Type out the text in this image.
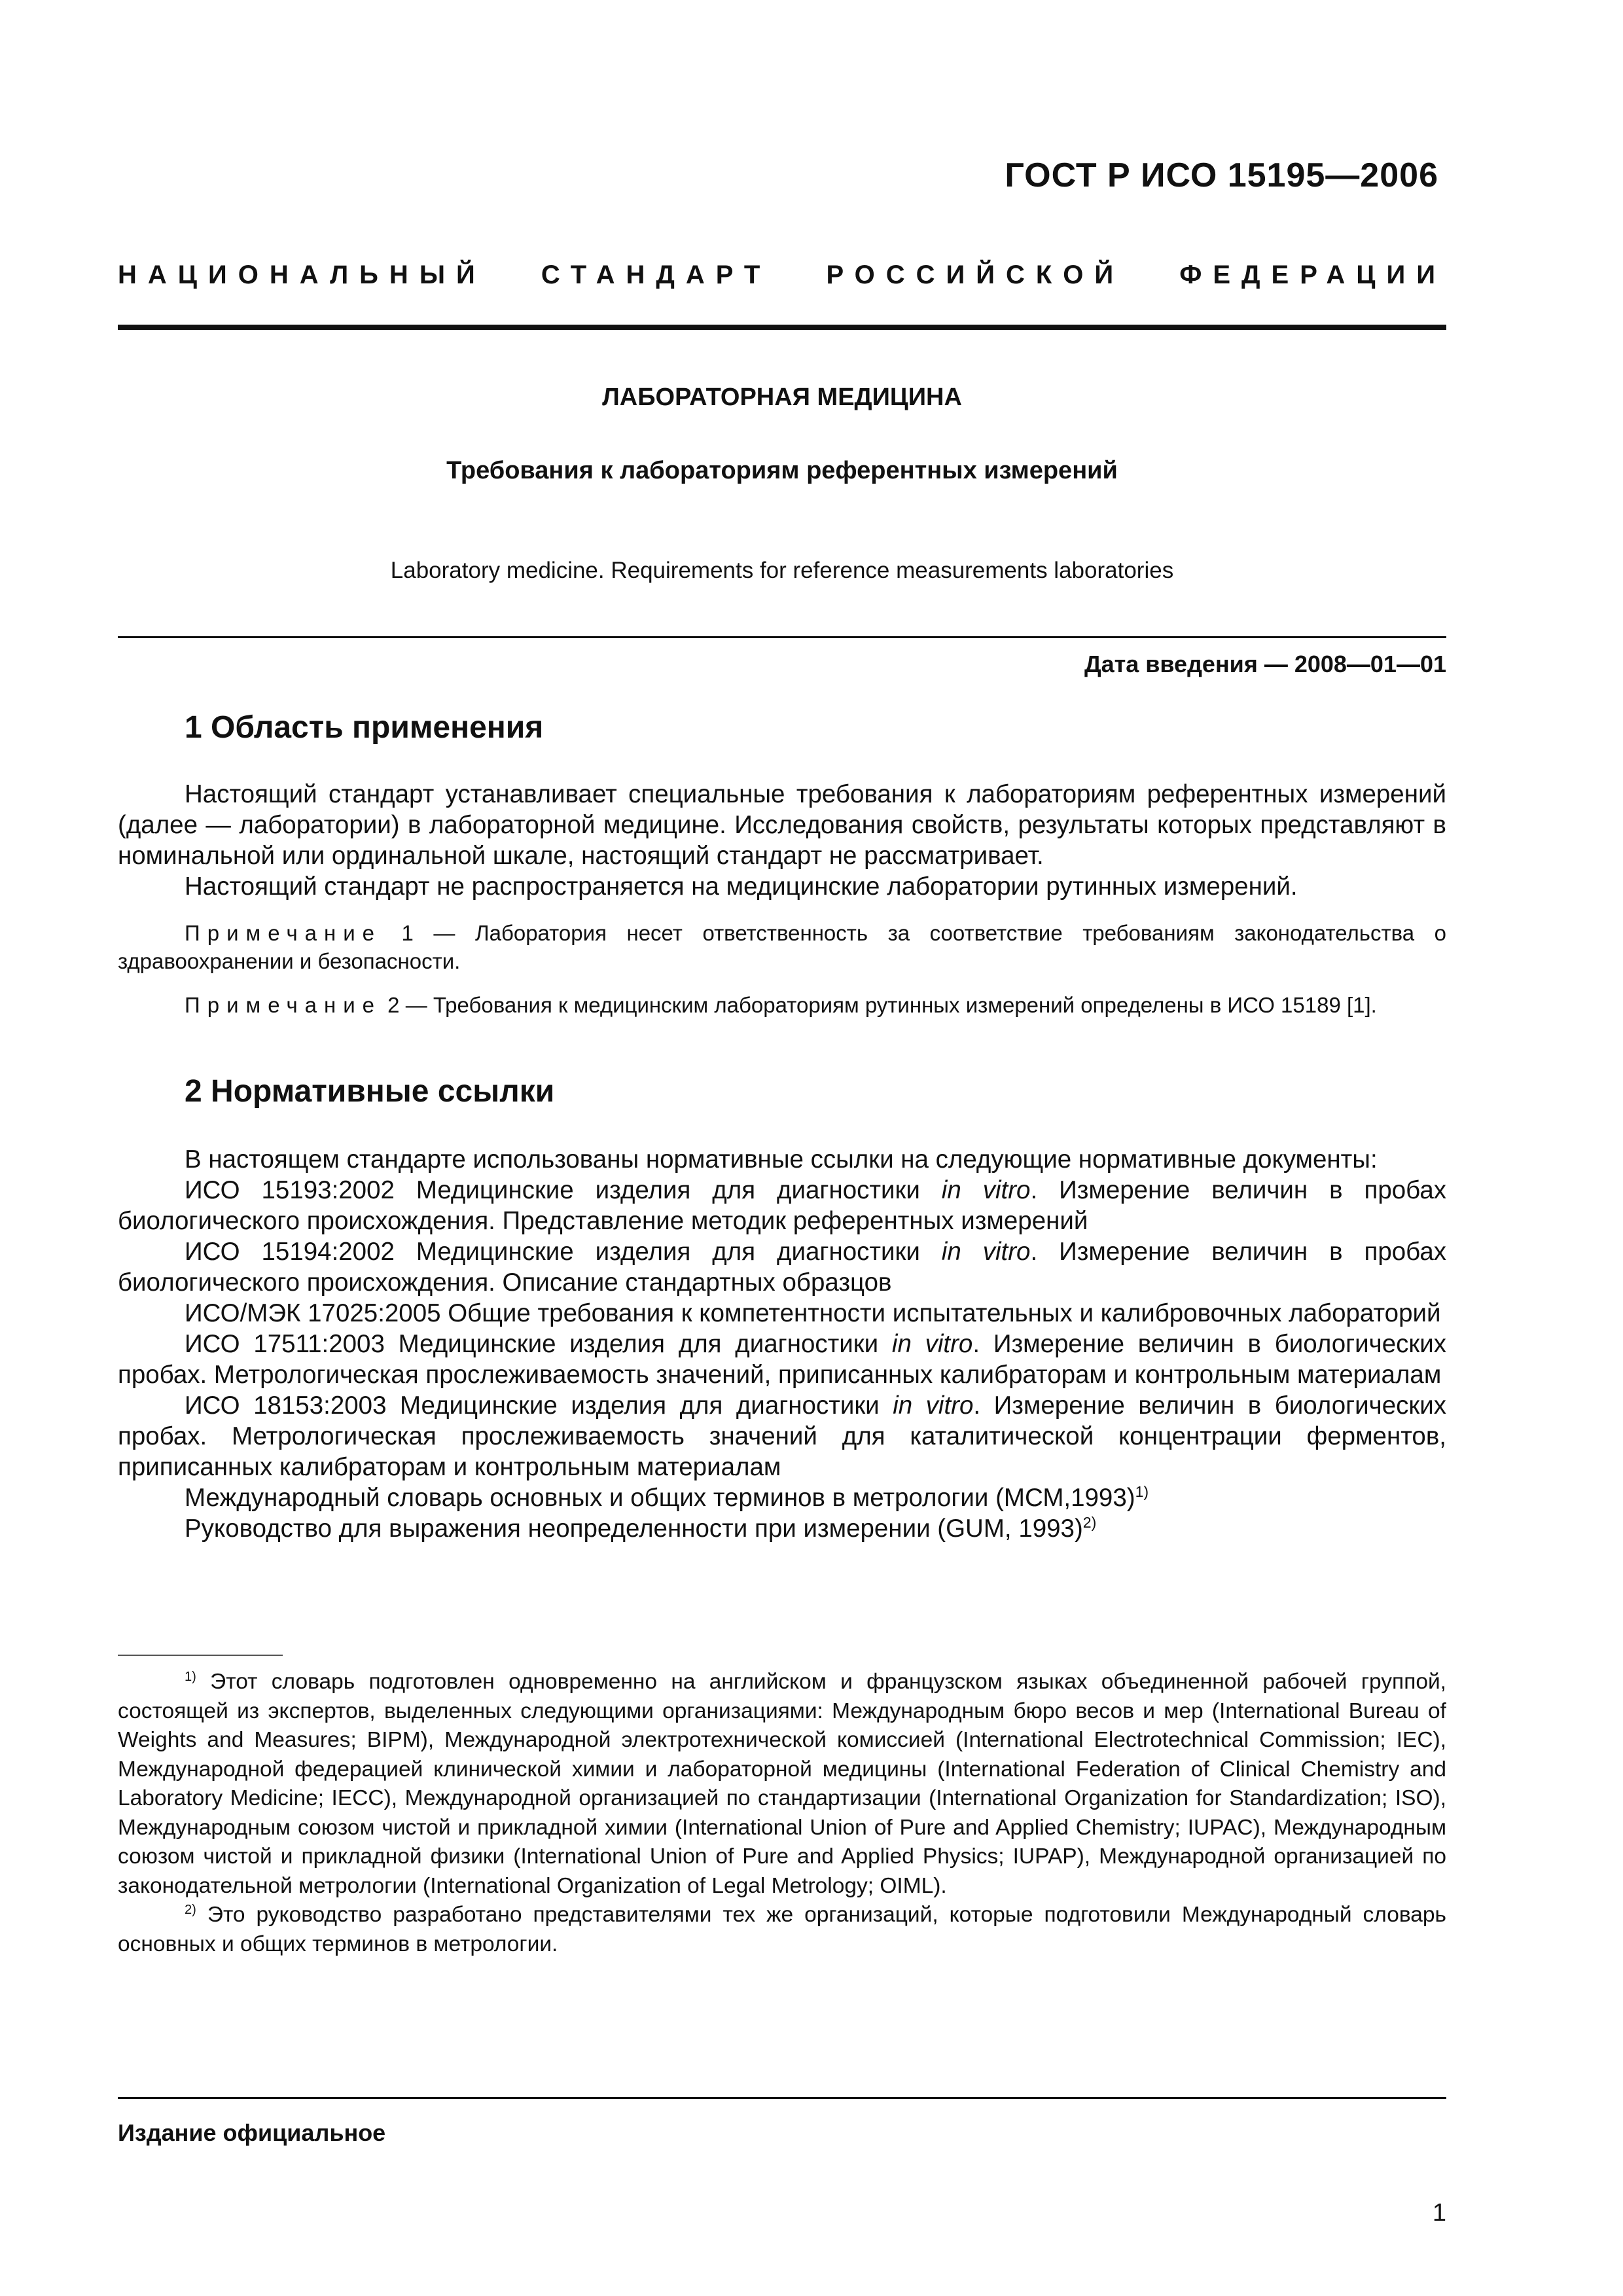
ГОСТ Р ИСО 15195—2006
НАЦИОНАЛЬНЫЙ СТАНДАРТ РОССИЙСКОЙ ФЕДЕРАЦИИ
ЛАБОРАТОРНАЯ МЕДИЦИНА
Требования к лабораториям референтных измерений
Laboratory medicine. Requirements for reference measurements laboratories
Дата введения — 2008—01—01
1 Область применения

Настоящий стандарт устанавливает специальные требования к лабораториям референтных измерений (далее — лаборатории) в лабораторной медицине. Исследования свойств, результаты которых представляют в номинальной или ординальной шкале, настоящий стандарт не рассматривает.

Настоящий стандарт не распространяется на медицинские лаборатории рутинных измерений.

Примечание 1 — Лаборатория несет ответственность за соответствие требованиям законодательства о здравоохранении и безопасности.

Примечание 2 — Требования к медицинским лабораториям рутинных измерений определены в ИСО 15189 [1].

2 Нормативные ссылки

В настоящем стандарте использованы нормативные ссылки на следующие нормативные документы:

ИСО 15193:2002 Медицинские изделия для диагностики in vitro. Измерение величин в пробах биологического происхождения. Представление методик референтных измерений

ИСО 15194:2002 Медицинские изделия для диагностики in vitro. Измерение величин в пробах биологического происхождения. Описание стандартных образцов

ИСО/МЭК 17025:2005 Общие требования к компетентности испытательных и калибровочных лабораторий

ИСО 17511:2003 Медицинские изделия для диагностики in vitro. Измерение величин в биологических пробах. Метрологическая прослеживаемость значений, приписанных калибраторам и контрольным материалам

ИСО 18153:2003 Медицинские изделия для диагностики in vitro. Измерение величин в биологических пробах. Метрологическая прослеживаемость значений для каталитической концентрации ферментов, приписанных калибраторам и контрольным материалам

Международный словарь основных и общих терминов в метрологии $(МСМ,1993)^{1)}$

Руководство для выражения неопределенности при измерении (GUM, 1993)$^{2)}$

$^{1)}$ Этот словарь подготовлен одновременно на английском и французском языках объединенной рабочей группой, состоящей из экспертов, выделенных следующими организациями: Международным бюро весов и мер (International Bureau of Weights and Measures; BIPM), Международной электротехнической комиссией (International Electrotechnical Commission; IEC), Международной федерацией клинической химии и лабораторной медицины (International Federation of Clinical Chemistry and Laboratory Medicine; IECC), Международной организацией по стандартизации (International Organization for Standardization; ISO), Международным союзом чистой и прикладной химии (International Union of Pure and Applied Chemistry; IUPAC), Международным союзом чистой и прикладной физики (International Union of Pure and Applied Physics; IUPAP), Международной организацией по законодательной метрологии (International Organization of Legal Metrology; OIML).

$^{2)}$ Это руководство разработано представителями тех же организаций, которые подготовили Международный словарь основных и общих терминов в метрологии.

Издание официальное
1
